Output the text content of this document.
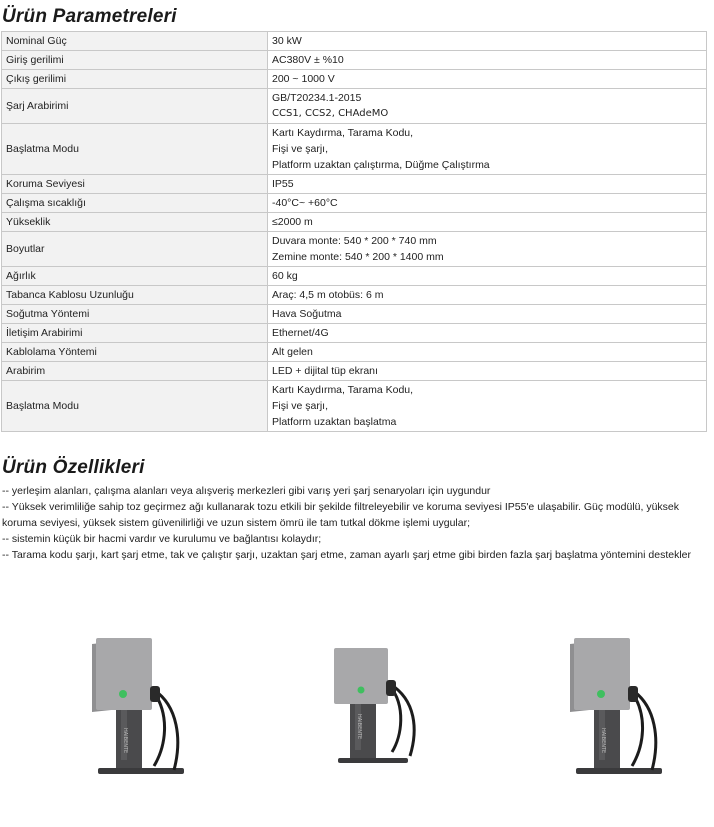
Ürün Parametreleri
Nominal Güç	30 kW

Giriş gerilimi	AC380V ± %10

Çıkış gerilimi	200 ~ 1000 V

Şarj Arabirimi	GB/T20234.1-2015
CCS1, CCS2, CHAdeMO

Başlatma Modu	Kartı Kaydırma, Tarama Kodu,
Fişi ve şarjı,
Platform uzaktan çalıştırma, Düğme Çalıştırma

Koruma Seviyesi	IP55

Çalışma sıcaklığı	-40°C~ +60°C

Yükseklik	≤2000 m

Boyutlar	Duvara monte: 540 * 200 * 740 mm
Zemine monte: 540 * 200 * 1400 mm

Ağırlık	60 kg

Tabanca Kablosu Uzunluğu	Araç: 4,5 m otobüs: 6 m

Soğutma Yöntemi	Hava Soğutma

İletişim Arabirimi	Ethernet/4G

Kablolama Yöntemi	Alt gelen

Arabirim	LED + dijital tüp ekranı

Başlatma Modu	Kartı Kaydırma, Tarama Kodu,
Fişi ve şarjı,
Platform uzaktan başlatma
Ürün Özellikleri

-- yerleşim alanları, çalışma alanları veya alışveriş merkezleri gibi varış yeri şarj senaryoları için uygundur

-- Yüksek verimliliğe sahip toz geçirmez ağı kullanarak tozu etkili bir şekilde filtreleyebilir ve koruma seviyesi IP55'e ulaşabilir. Güç modülü, yüksek koruma seviyesi, yüksek sistem güvenilirliği ve uzun sistem ömrü ile tam tutkal dökme işlemi uygular;

-- sistemin küçük bir hacmi vardır ve kurulumu ve bağlantısı kolaydır;

-- Tarama kodu şarjı, kart şarj etme, tak ve çalıştır şarjı, uzaktan şarj etme, zaman ayarlı şarj etme gibi birden fazla şarj başlatma yöntemini destekler

HAIBENTE
HAIBENTE
HAIBENTE
